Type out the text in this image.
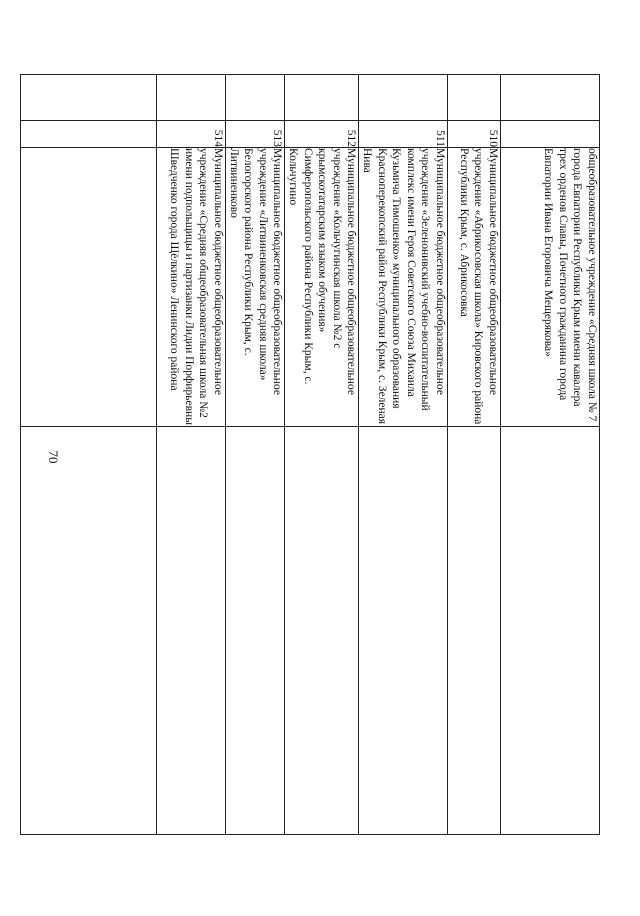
70
		общеобразовательное учреждение «Средняя школа № 7 города Евпатории Республики Крым имени кавалера трех орденов Славы, Почетного гражданина города Евпатории Ивана Егоровича Мещерякова»	
	510	Муниципальное бюджетное общеобразовательное учреждение «Абрикосовская школа» Кировского района Республики Крым, с. Абрикосовка	
	511	Муниципальное бюджетное общеобразовательное учреждение «Зеленонивский учебно-воспитательный комплекс имени Героя Советского Союза Михаила Кузьмича Тимошенко» муниципального образования Красноперекопский район Республики Крым, с. Зеленая Нива	
	512	Муниципальное бюджетное общеобразовательное учреждение «Кольчугинская школа №2 с крымскотатарским языком обучения» Симферопольского района Республики Крым, с. Кольчугино	
	513	Муниципальное бюджетное общеобразовательное учреждение «Литвиненковская средняя школа» Белогорского района Республики Крым, с. Литвиненково	
	514	Муниципальное бюджетное общеобразовательное учреждение «Средняя общеобразовательная школа №2 имени подпольщицы и партизанки Лидии Порфирьевны Шведченко города Щёлкино» Ленинского района	
